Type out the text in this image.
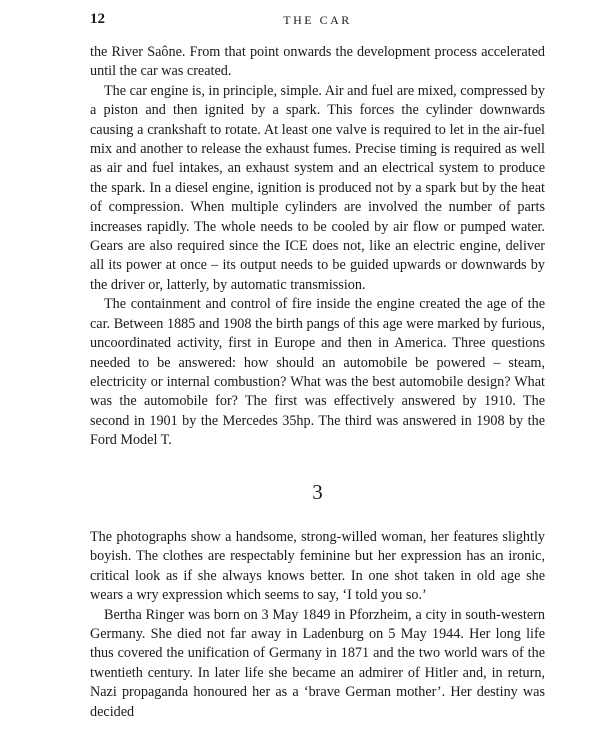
12	THE CAR

the River Saône. From that point onwards the development process accelerated until the car was created.

The car engine is, in principle, simple. Air and fuel are mixed, compressed by a piston and then ignited by a spark. This forces the cylinder downwards causing a crankshaft to rotate. At least one valve is required to let in the air-fuel mix and another to release the exhaust fumes. Precise timing is required as well as air and fuel intakes, an exhaust system and an electrical system to produce the spark. In a diesel engine, ignition is produced not by a spark but by the heat of compression. When multiple cylinders are involved the number of parts increases rapidly. The whole needs to be cooled by air flow or pumped water. Gears are also required since the ICE does not, like an electric engine, deliver all its power at once – its output needs to be guided upwards or downwards by the driver or, latterly, by automatic transmission.

The containment and control of fire inside the engine created the age of the car. Between 1885 and 1908 the birth pangs of this age were marked by furious, uncoordinated activity, first in Europe and then in America. Three questions needed to be answered: how should an automobile be powered – steam, electricity or internal combustion? What was the best automobile design? What was the automobile for? The first was effectively answered by 1910. The second in 1901 by the Mercedes 35hp. The third was answered in 1908 by the Ford Model T.

3

The photographs show a handsome, strong-willed woman, her features slightly boyish. The clothes are respectably feminine but her expression has an ironic, critical look as if she always knows better. In one shot taken in old age she wears a wry expression which seems to say, ‘I told you so.’

Bertha Ringer was born on 3 May 1849 in Pforzheim, a city in south-western Germany. She died not far away in Ladenburg on 5 May 1944. Her long life thus covered the unification of Germany in 1871 and the two world wars of the twentieth century. In later life she became an admirer of Hitler and, in return, Nazi propaganda honoured her as a ‘brave German mother’. Her destiny was decided
